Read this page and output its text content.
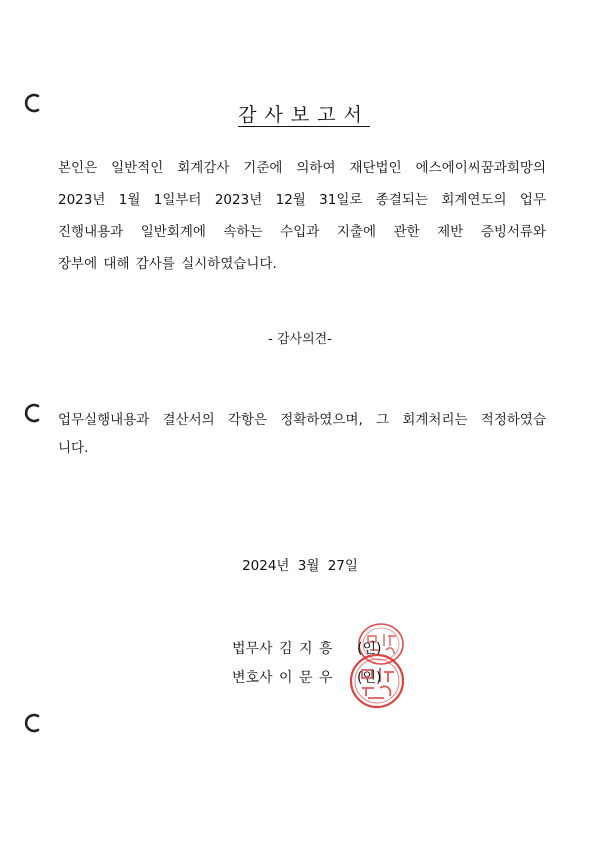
감사보고서
본인은 일반적인 회계감사 기준에 의하여 재단법인 에스에이씨꿈과희망의
2023년 1월 1일부터 2023년 12월 31일로 종결되는 회계연도의 업무
진행내용과 일반회계에 속하는 수입과 지출에 관한 제반 증빙서류와
장부에 대해 감사를 실시하였습니다.
- 감사의견-
업무실행내용과 결산서의 각항은 정확하였으며, 그 회계처리는 적정하였습
니다.
2024년 3월 27일
법무사 김 지 흥 (인)
변호사 이 문 우 (인)
